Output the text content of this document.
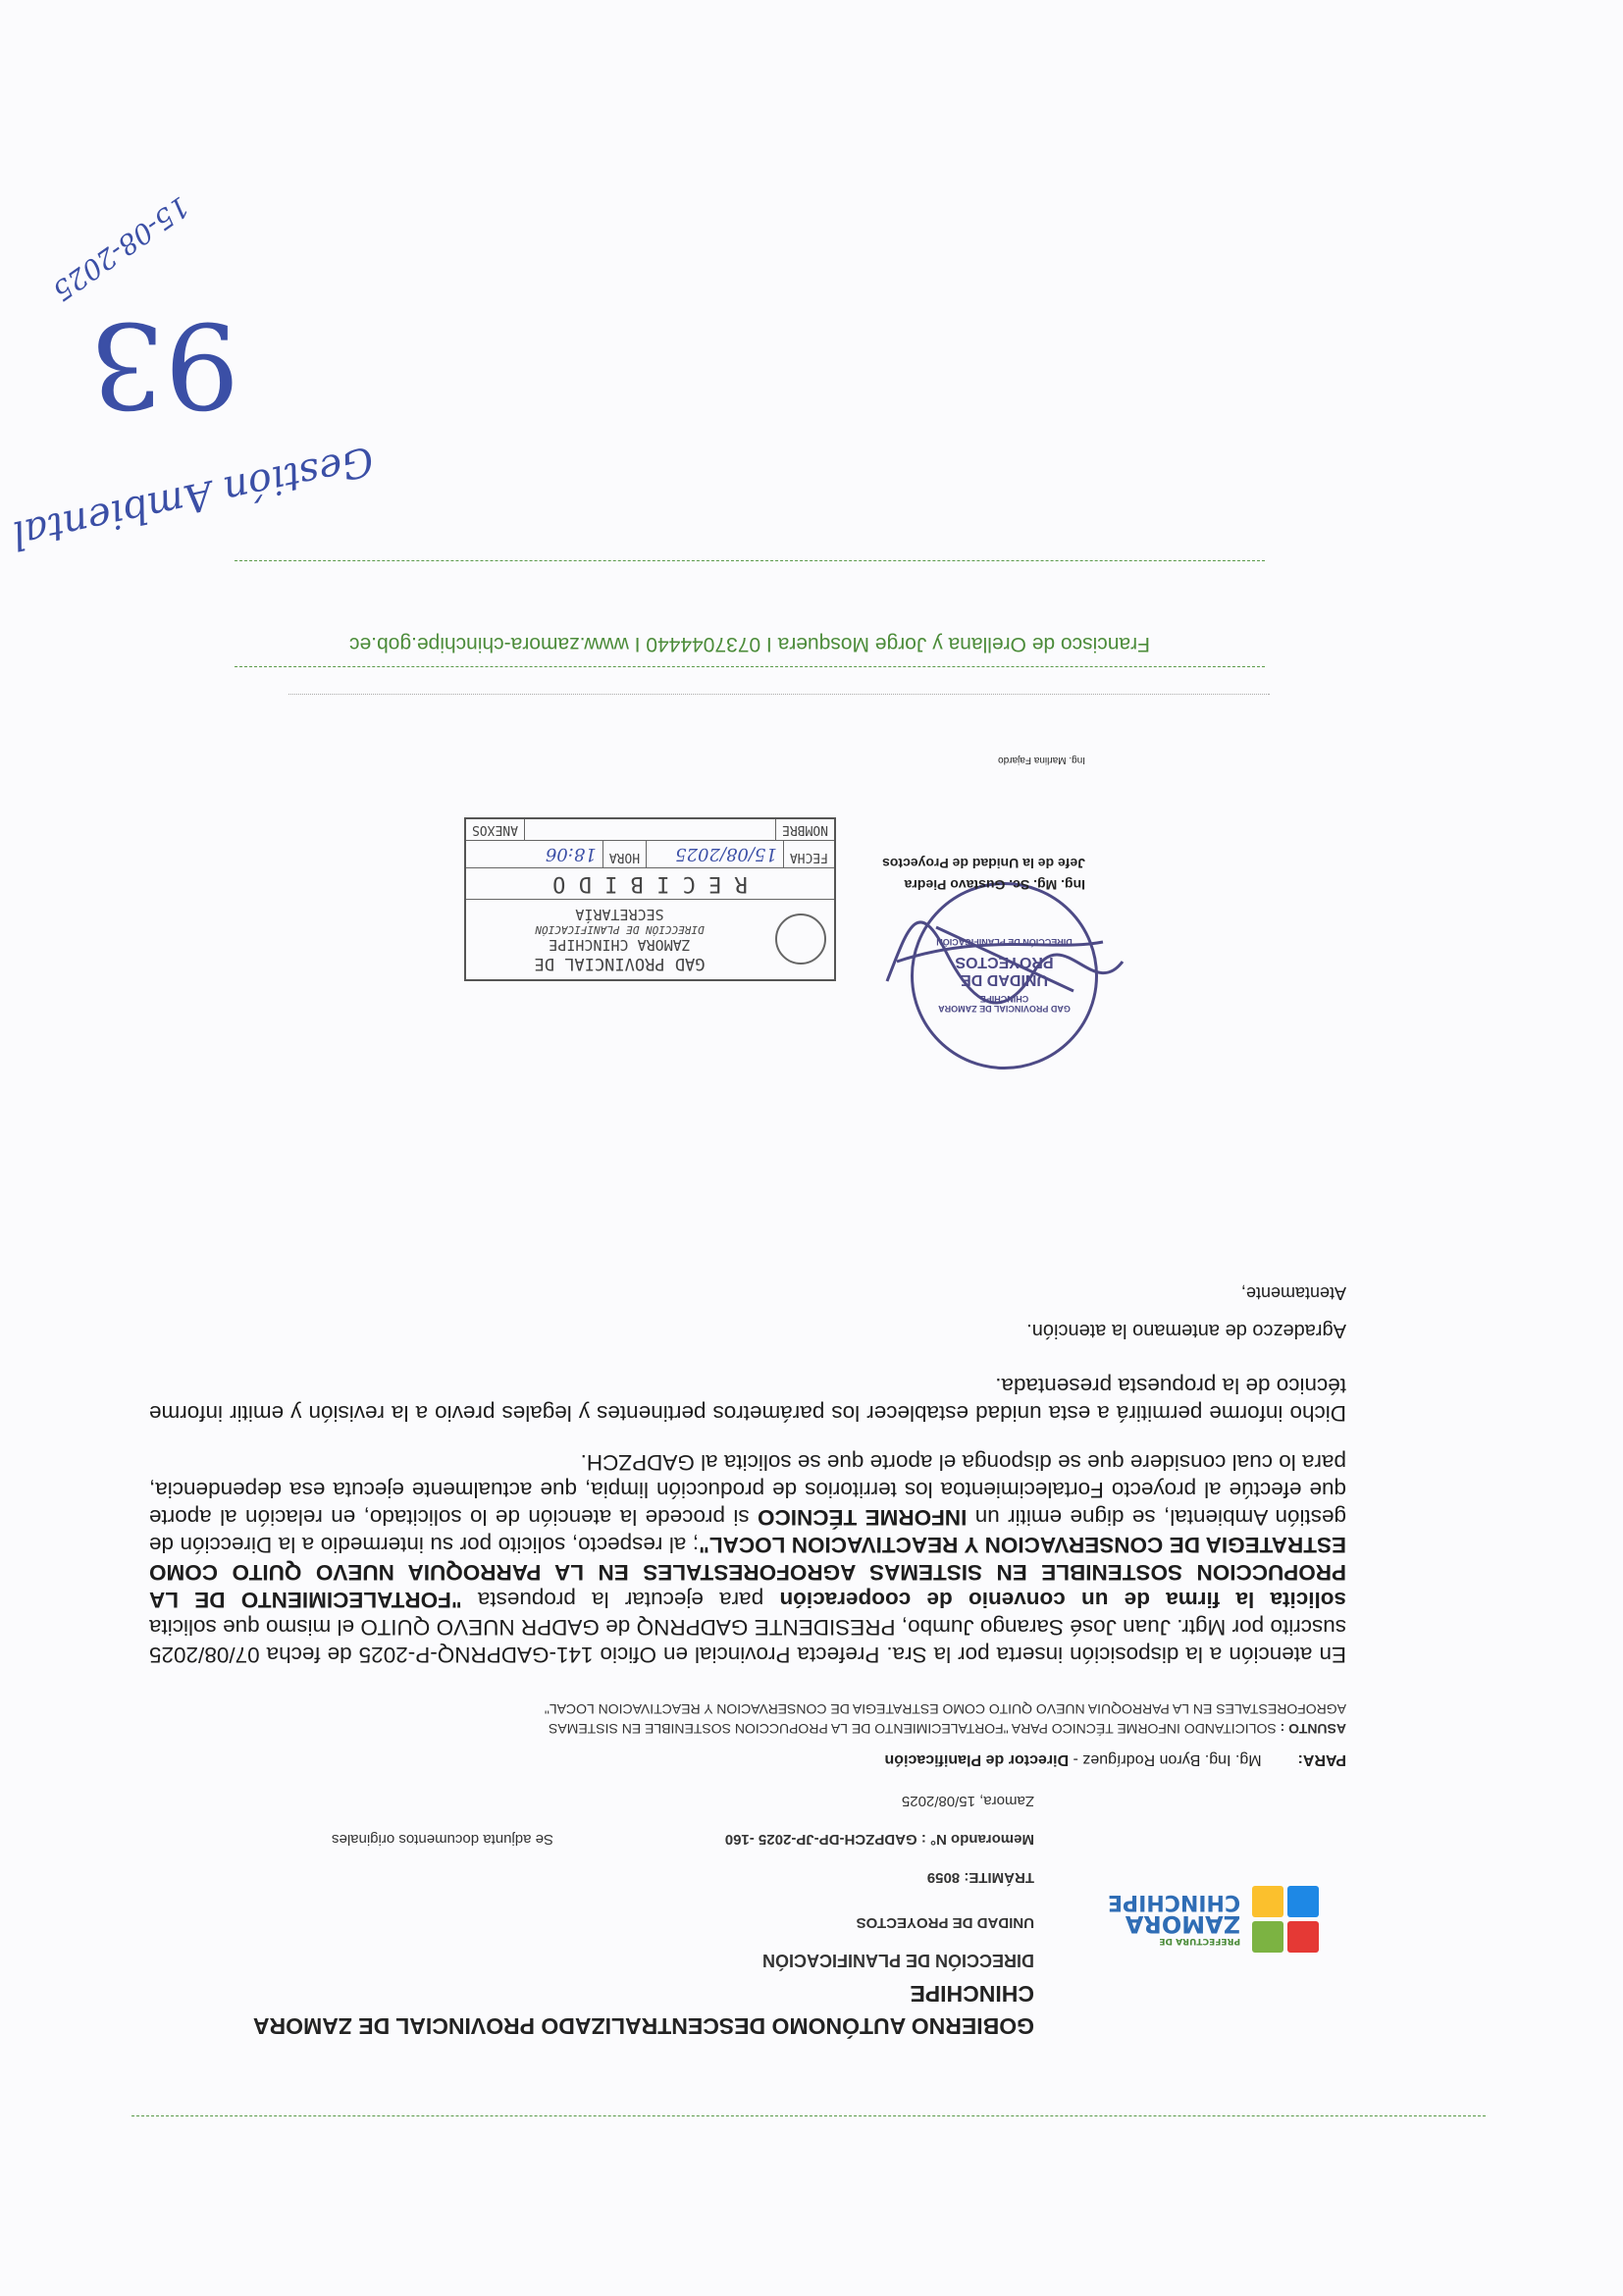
PREFECTURA DE
ZAMORA
CHINCHIPE
GOBIERNO AUTÓNOMO DESCENTRALIZADO PROVINCIAL DE ZAMORA
CHINCHIPE
DIRECCIÓN DE PLANIFICACIÓN
UNIDAD DE PROYECTOS
TRÁMITE: 8059
Memorando N° : GADPZCH-DP-JP-2025 -160
Se adjunta documentos originales
Zamora, 15/08/2025
PARA:  Mg. Ing. Byron Rodríguez - Director de Planificación
ASUNTO : SOLICITANDO INFORME TÉCNICO PARA "FORTALECIMIENTO DE LA PROPUCCION SOSTENIBLE EN SISTEMAS
AGROFORESTALES EN LA PARROQUIA NUEVO QUITO COMO ESTRATEGIA DE CONSERVACION Y REACTIVACION LOCAL"

En atención a la disposición inserta por la Sra. Prefecta Provincial en Oficio 141-GADPRNQ-P-2025 de fecha 07/08/2025 suscrito por Mgtr. Juan José Sarango Jumbo, PRESIDENTE GADPRNQ de GADPR NUEVO QUITO el mismo que solicita solicita la firma de un convenio de cooperación para ejecutar la propuesta "FORTALECIMIENTO DE LA PROPUCCION SOSTENIBLE EN SISTEMAS AGROFORESTALES EN LA PARROQUIA NUEVO QUITO COMO ESTRATEGIA DE CONSERVACION Y REACTIVACION LOCAL"; al respecto, solicito por su intermedio a la Dirección de gestión Ambiental, se digne emitir un INFORME TÉCNICO si procede la atención de lo solicitado, en relación al aporte que efectúe al proyecto Fortalecimientoa los territorios de producción limpia, que actualmente ejecuta esa dependencia, para lo cual considere que se disponga el aporte que se solicita al GADPZCH.

Dicho informe permitirá a esta unidad establecer los parámetros pertinentes y legales previo a la revisión y emitir informe técnico de la propuesta presentada.

Agradezco de antemano la atención.

Atentamente,

GAD PROVINCIAL DE ZAMORA CHINCHIPE
UNIDAD DE
PROYECTOS
DIRECCIÓN DE PLANIFICACIÓN
Ing. Mg. Sc. Gustavo Piedra
Jefe de la Unidad de Proyectos
Ing. Marlina Fajardo
GAD PROVINCIAL DE
ZAMORA CHINCHIPE
DIRECCIÓN DE PLANIFICACIÓN
SECRETARÍA
R E C I B I D O
FECHA
15/08/2025
HORA
18:06
NOMBRE
ANEXOS
Francisco de Orellana y Jorge Mosquera I 0737044440 I www.zamora-chinchipe.gob.ec
Gestión Ambiental
93
15-08-2025
